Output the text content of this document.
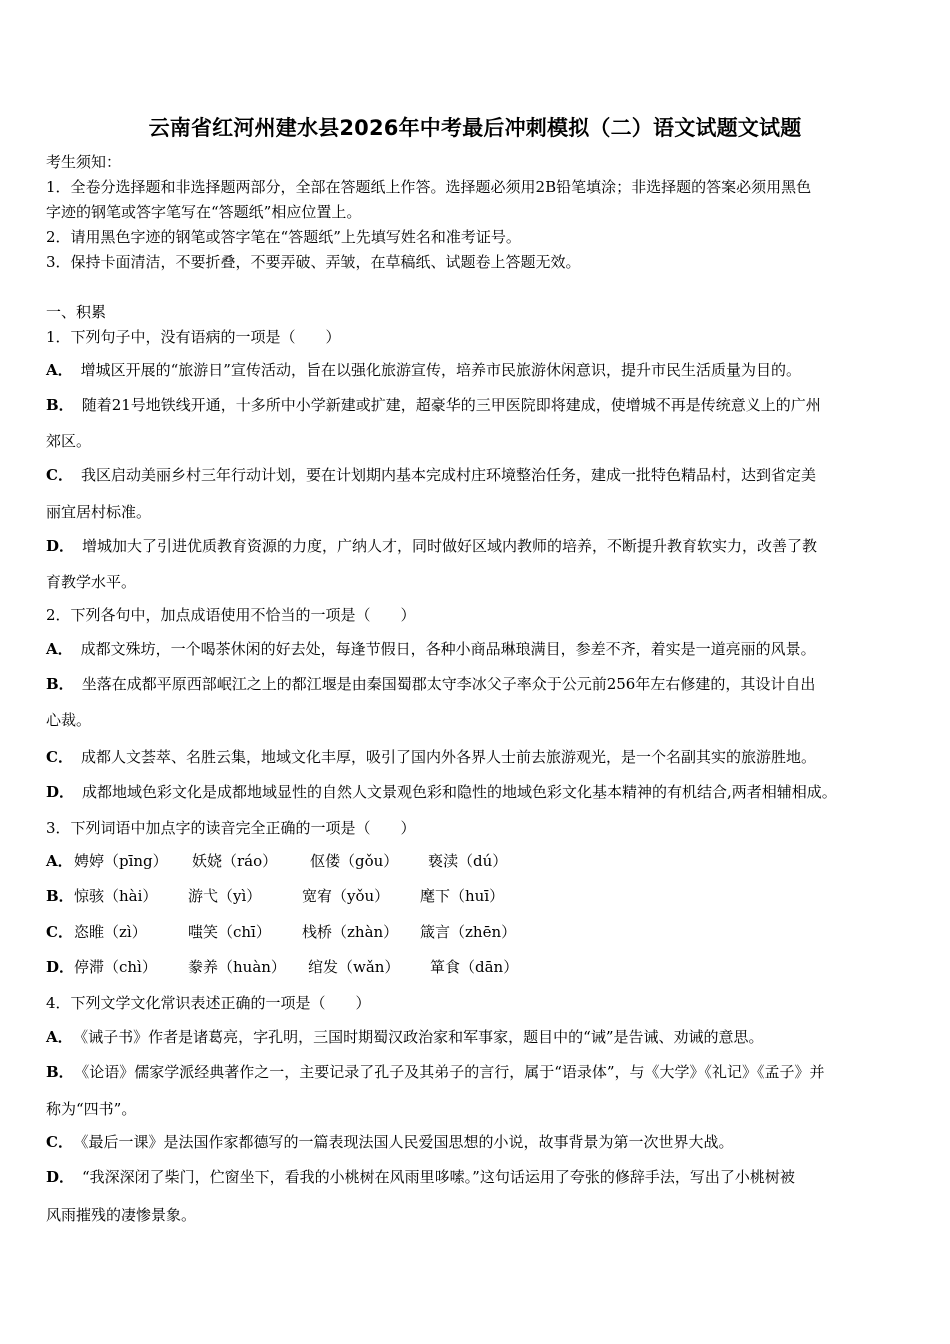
云南省红河州建水县2026年中考最后冲刺模拟（二）语文试题文试题
考生须知：
1．全卷分选择题和非选择题两部分，全部在答题纸上作答。选择题必须用2B铅笔填涂；非选择题的答案必须用黑色
字迹的钢笔或答字笔写在“答题纸”相应位置上。
2．请用黑色字迹的钢笔或答字笔在“答题纸”上先填写姓名和准考证号。
3．保持卡面清洁，不要折叠，不要弄破、弄皱，在草稿纸、试题卷上答题无效。
一、积累
1．下列句子中，没有语病的一项是（　　）
A． 增城区开展的“旅游日”宣传活动，旨在以强化旅游宣传，培养市民旅游休闲意识，提升市民生活质量为目的。
B． 随着21号地铁线开通，十多所中小学新建或扩建，超豪华的三甲医院即将建成，使增城不再是传统意义上的广州
郊区。
C． 我区启动美丽乡村三年行动计划，要在计划期内基本完成村庄环境整治任务，建成一批特色精品村，达到省定美
丽宜居村标准。
D． 增城加大了引进优质教育资源的力度，广纳人才，同时做好区域内教师的培养，不断提升教育软实力，改善了教
育教学水平。
2．下列各句中，加点成语使用不恰当的一项是（　　）
A． 成都文殊坊，一个喝茶休闲的好去处，每逢节假日，各种小商品琳琅满目，参差不齐，着实是一道亮丽的风景。
B． 坐落在成都平原西部岷江之上的都江堰是由秦国蜀郡太守李冰父子率众于公元前256年左右修建的，其设计自出
心裁。
C． 成都人文荟萃、名胜云集，地域文化丰厚，吸引了国内外各界人士前去旅游观光，是一个名副其实的旅游胜地。
D． 成都地域色彩文化是成都地域显性的自然人文景观色彩和隐性的地域色彩文化基本精神的有机结合,两者相辅相成。
3．下列词语中加点字的读音完全正确的一项是（　　）
A． 娉婷（pīng）	妖娆（ráo）	伛偻（gǒu）	亵渎（dú）
B． 惊骇（hài）	游弋（yì）	宽宥（yǒu）	麾下（huī）
C． 恣睢（zì）	嗤笑（chī）	栈桥（zhàn）	箴言（zhēn）
D． 停滞（chì）	豢养（huàn）	绾发（wǎn）	箪食（dān）
4．下列文学文化常识表述正确的一项是（　　）
A． 《诫子书》作者是诸葛亮，字孔明，三国时期蜀汉政治家和军事家，题目中的“诫”是告诫、劝诫的意思。
B． 《论语》儒家学派经典著作之一，主要记录了孔子及其弟子的言行，属于“语录体”，与《大学》《礼记》《孟子》并
称为“四书”。
C． 《最后一课》是法国作家都德写的一篇表现法国人民爱国思想的小说，故事背景为第一次世界大战。
D． “我深深闭了柴门，伫窗坐下，看我的小桃树在风雨里哆嗦。”这句话运用了夸张的修辞手法，写出了小桃树被
风雨摧残的凄惨景象。
